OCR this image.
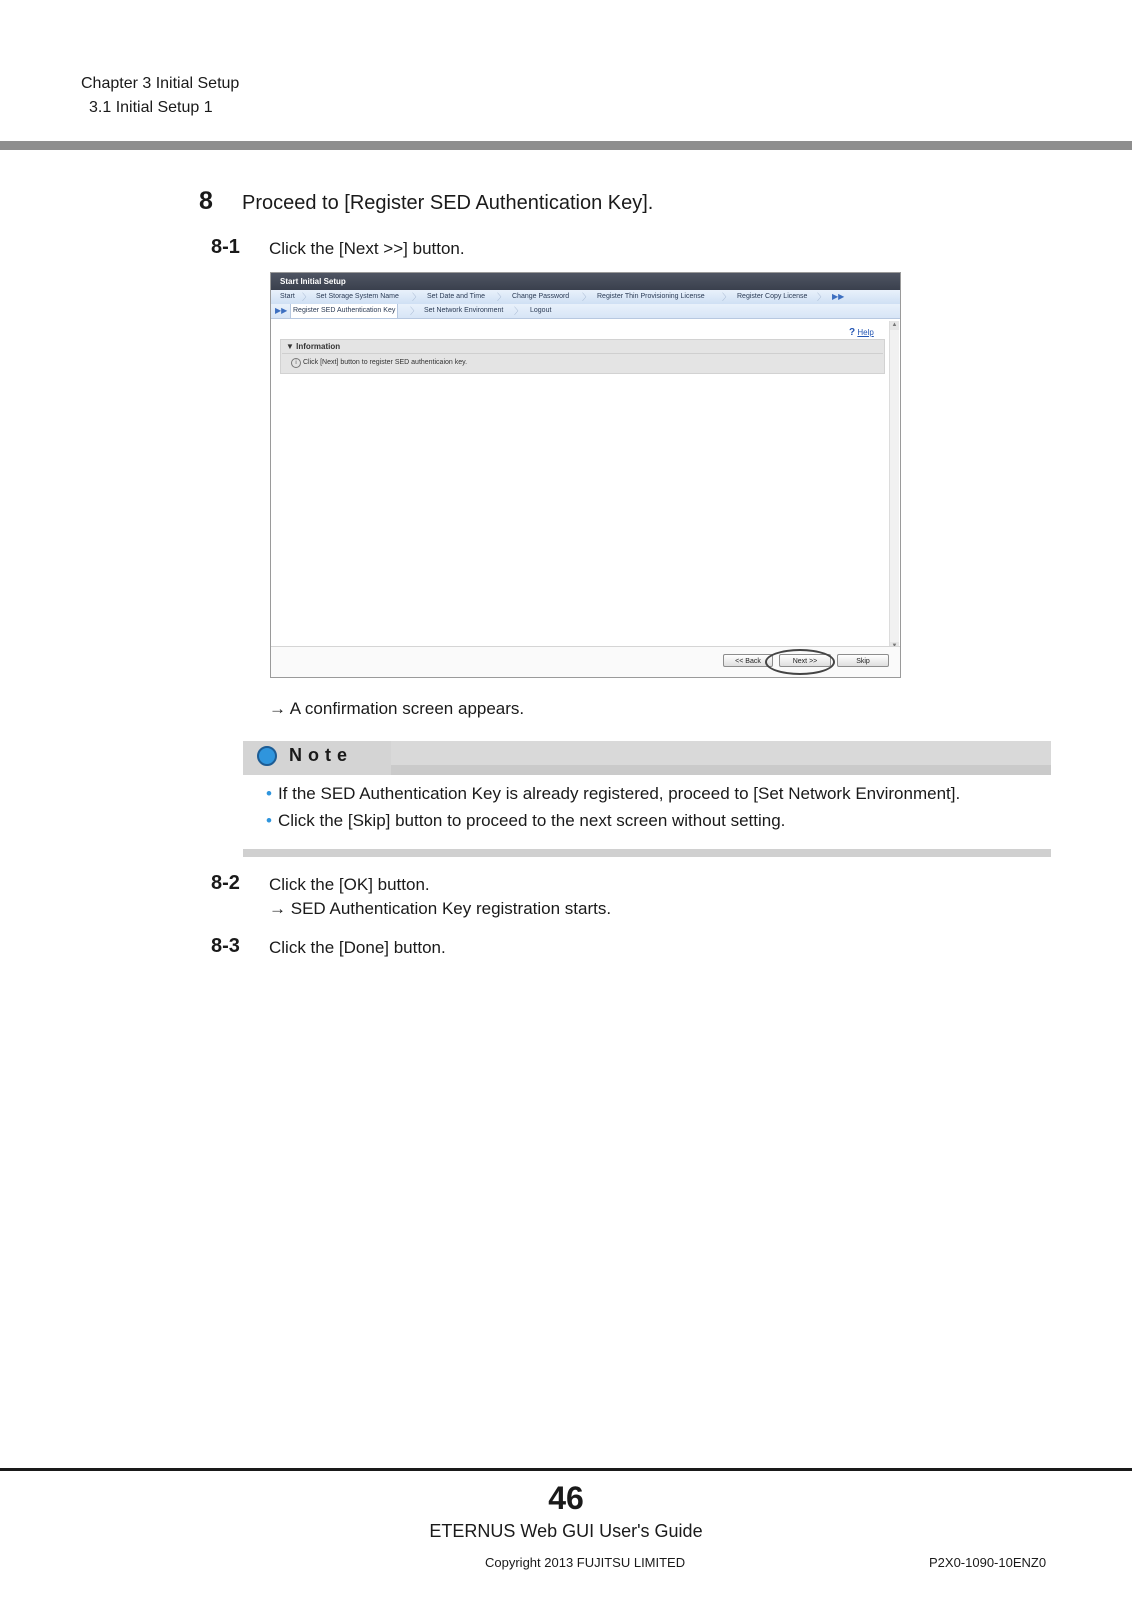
Chapter 3 Initial Setup
3.1 Initial Setup 1
8 Proceed to [Register SED Authentication Key].
8-1 Click the [Next >>] button.
Start Initial Setup
Start 〉 Set Storage System Name 〉 Set Date and Time 〉 Change Password 〉 Register Thin Provisioning License 〉 Register Copy License 〉 ▶▶
▶▶ Register SED Authentication Key	〉 Set Network Environment 〉 Logout
? Help
▲
▼ Information
i Click [Next] button to register SED authenticaion key.
<< Back	Next >>	Skip
→ A confirmation screen appears.
Note
• If the SED Authentication Key is already registered, proceed to [Set Network Environment].
• Click the [Skip] button to proceed to the next screen without setting.
8-2 Click the [OK] button.
→ SED Authentication Key registration starts.
8-3 Click the [Done] button.
46
ETERNUS Web GUI User's Guide
Copyright 2013 FUJITSU LIMITED	P2X0-1090-10ENZ0
